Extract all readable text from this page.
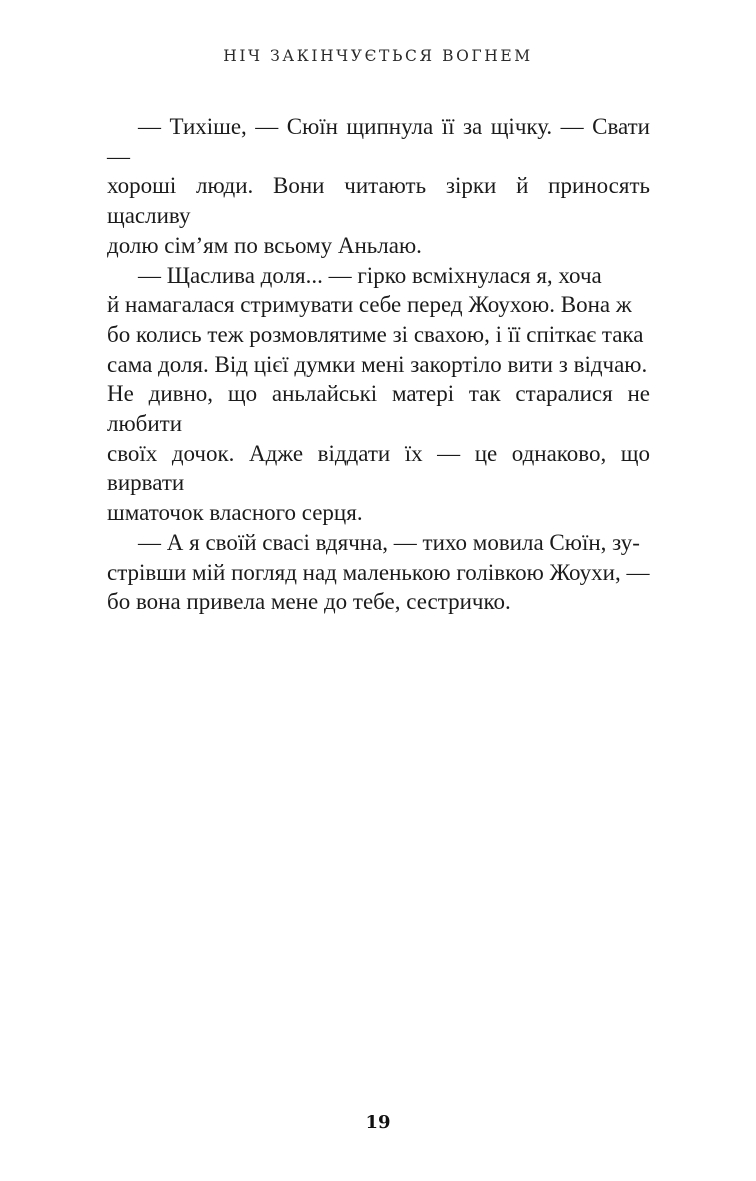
НІЧ ЗАКІНЧУЄТЬСЯ ВОГНЕМ

— Тихіше, — Сюїн щипнула її за щічку. — Свати —
хороші люди. Вони читають зірки й приносять щасливу
долю сім’ям по всьому Аньлаю.

— Щаслива доля... — гірко всміхнулася я, хоча
й намагалася стримувати себе перед Жоухою. Вона ж
бо колись теж розмовлятиме зі свахою, і її спіткає така
сама доля. Від цієї думки мені закортіло вити з відчаю.
Не дивно, що аньлайські матері так старалися не любити
своїх дочок. Адже віддати їх — це однаково, що вирвати
шматочок власного серця.

— А я своїй свасі вдячна, — тихо мовила Сюїн, зу-
стрівши мій погляд над маленькою голівкою Жоухи, —
бо вона привела мене до тебе, сестричко.

19
